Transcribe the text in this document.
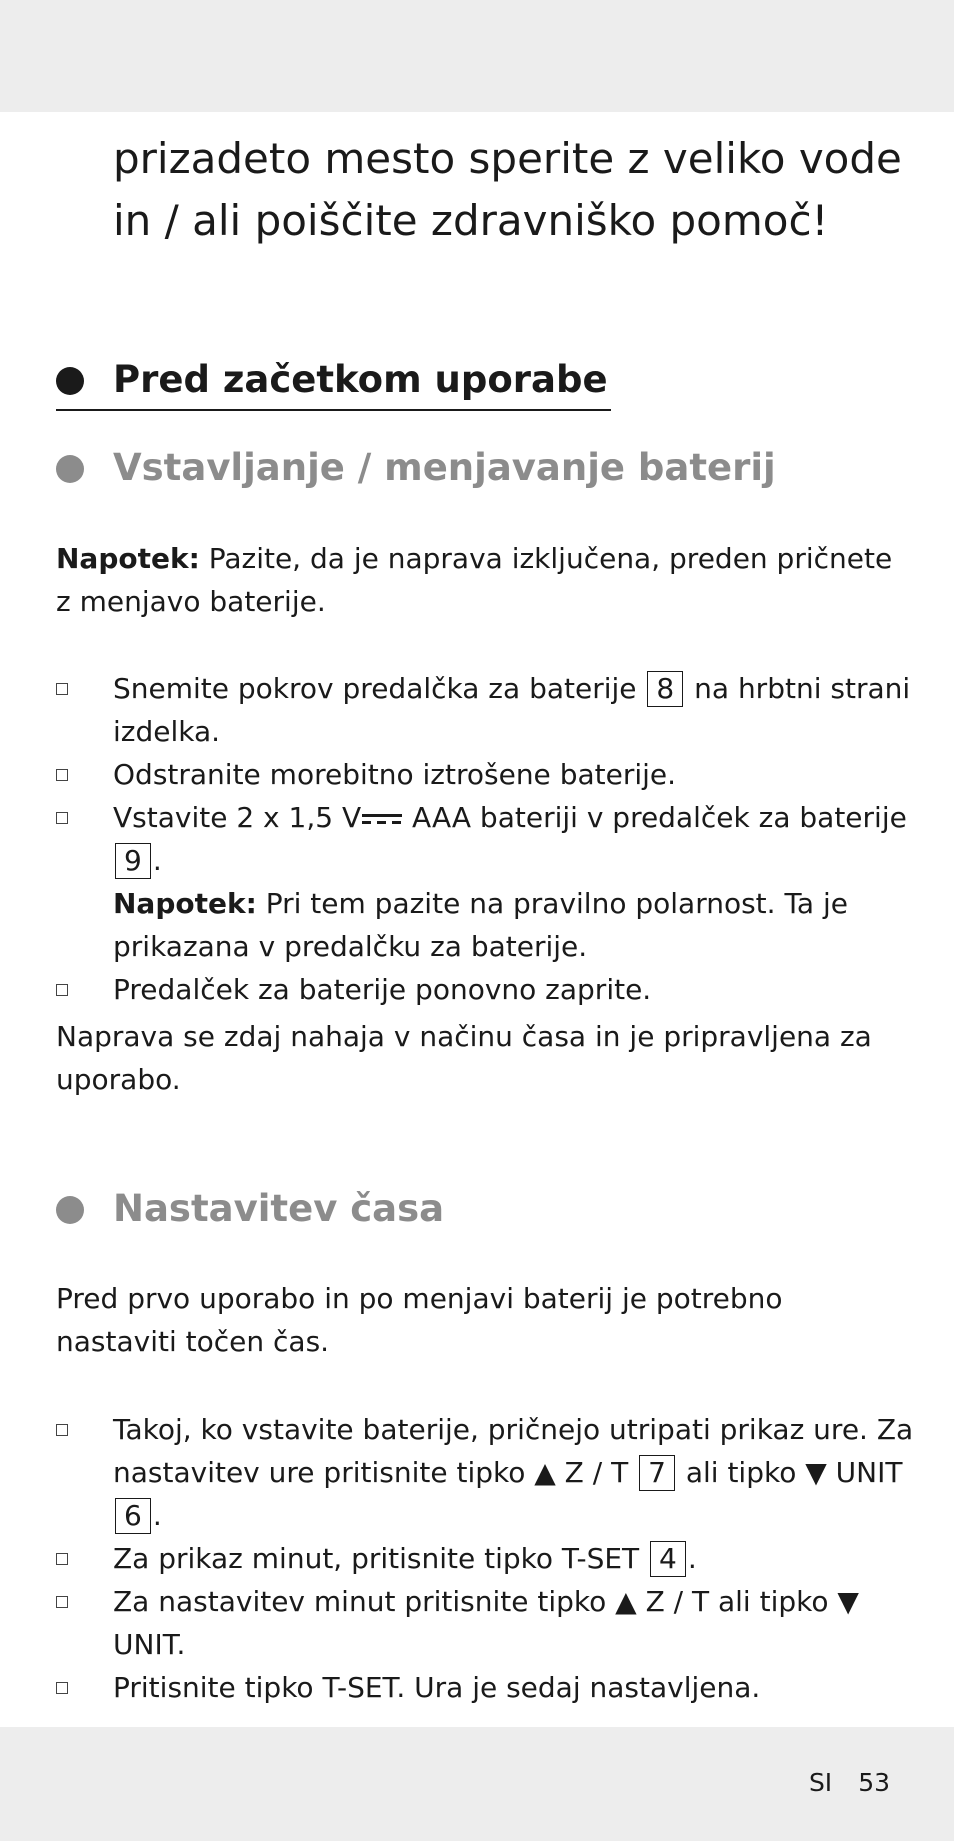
prizadeto mesto sperite z veliko vode

in / ali poiščite zdravniško pomoč!

Pred začetkom uporabe
Vstavljanje / menjavanje baterij

Napotek: Pazite, da je naprava izključena, preden pričnete z menjavo baterije.

Snemite pokrov predalčka za baterije 8 na hrbtni strani izdelka.
Odstranite morebitno iztrošene baterije.
Vstavite 2 x 1,5 V AAA bateriji v predalček za baterije 9 .
Napotek: Pri tem pazite na pravilno polarnost. Ta je prikazana v predalčku za baterije.
Predalček za baterije ponovno zaprite.

Naprava se zdaj nahaja v načinu časa in je pripravljena za uporabo.

Nastavitev časa

Pred prvo uporabo in po menjavi baterij je potrebno nastaviti točen čas.

Takoj, ko vstavite baterije, pričnejo utripati prikaz ure. Za nastavitev ure pritisnite tipko ▲ Z / T 7 ali tipko ▼ UNIT 6 .
Za prikaz minut, pritisnite tipko T-SET 4 .
Za nastavitev minut pritisnite tipko ▲ Z / T ali tipko ▼ UNIT.
Pritisnite tipko T-SET. Ura je sedaj nastavljena.
SI 53
